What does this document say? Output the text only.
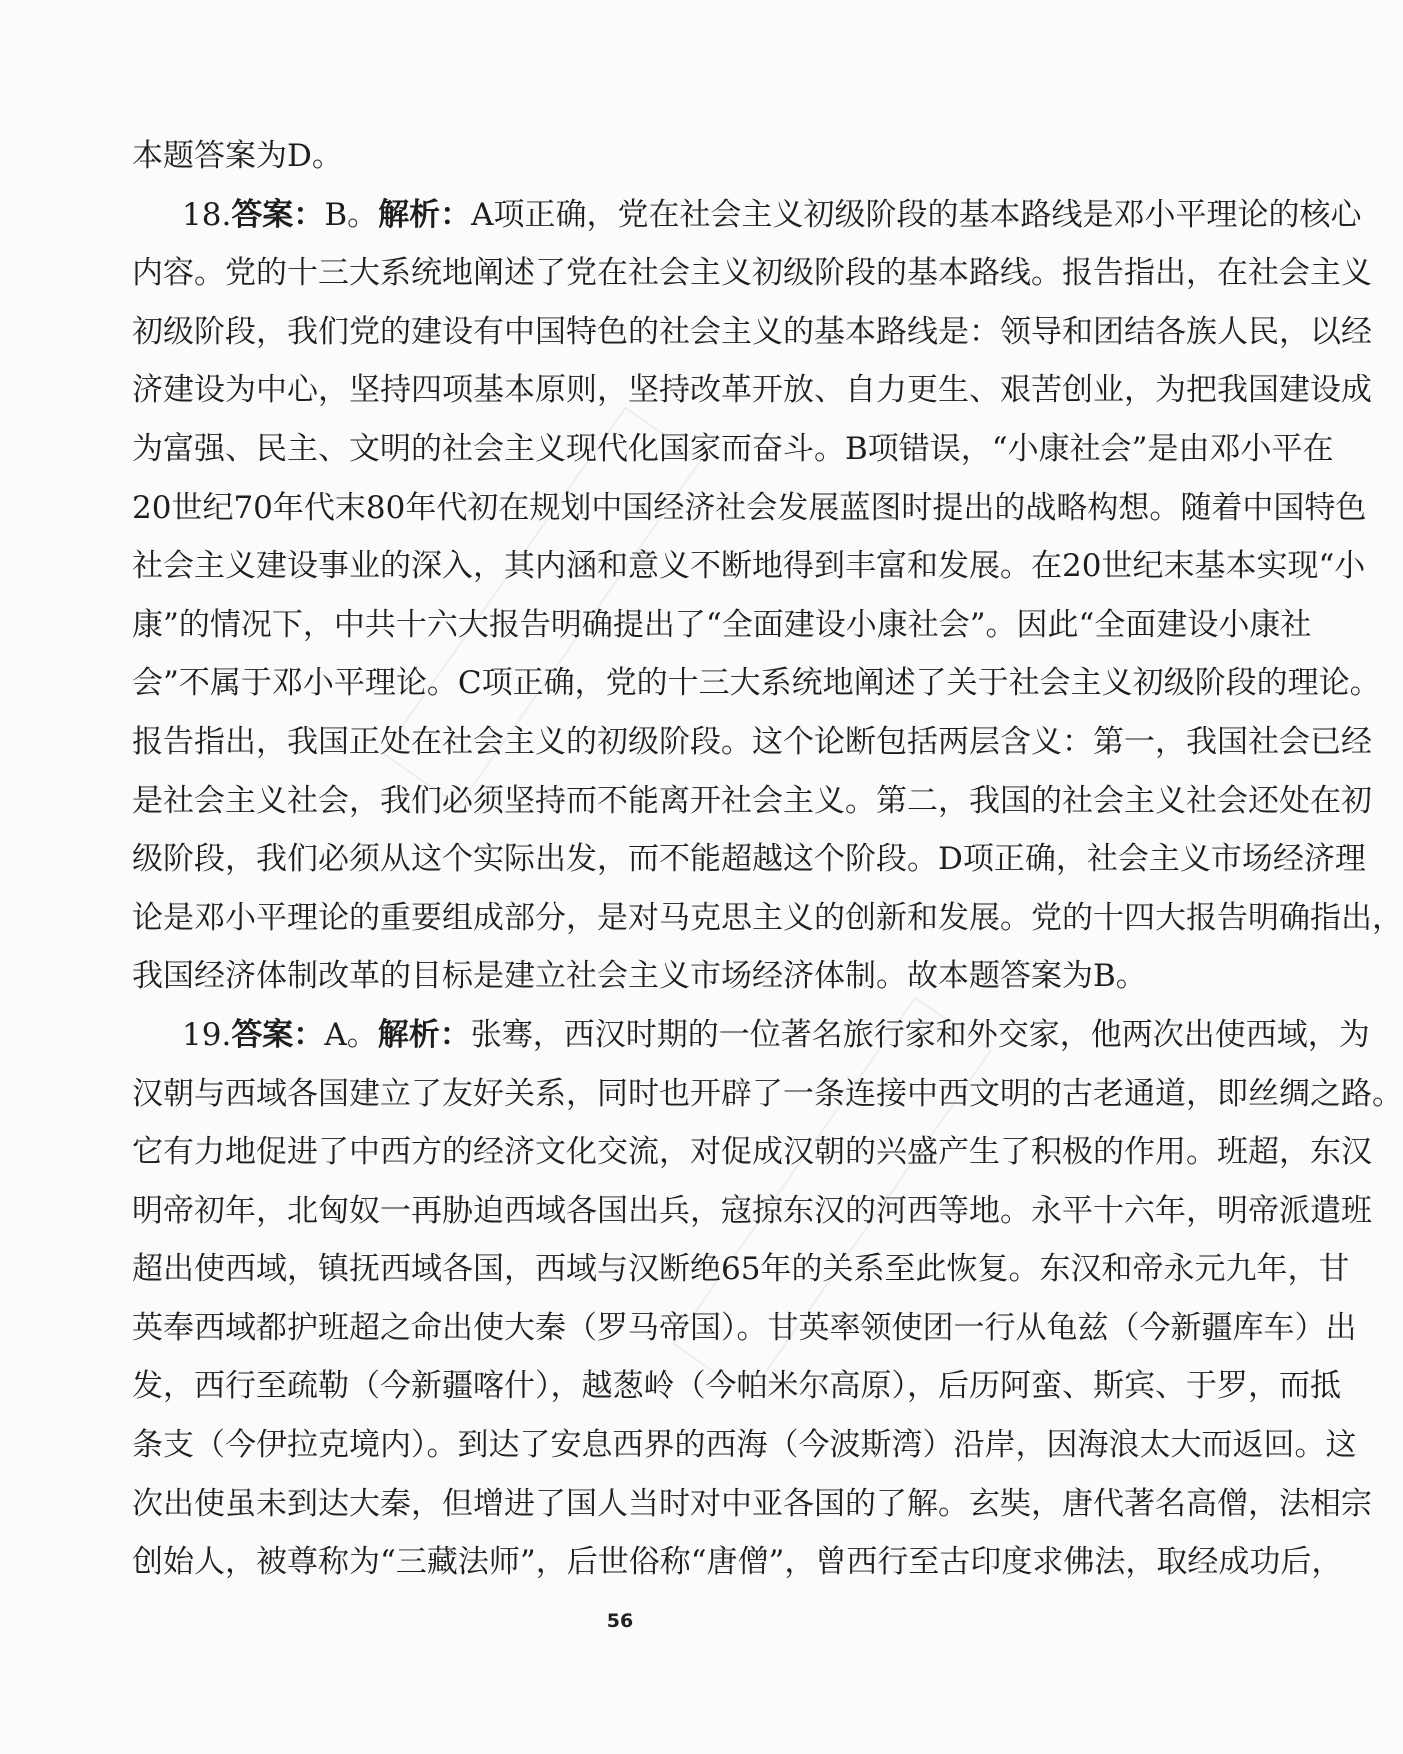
本题答案为D。
18.答案：B。解析：A项正确，党在社会主义初级阶段的基本路线是邓小平理论的核心
内容。党的十三大系统地阐述了党在社会主义初级阶段的基本路线。报告指出，在社会主义
初级阶段，我们党的建设有中国特色的社会主义的基本路线是：领导和团结各族人民，以经
济建设为中心，坚持四项基本原则，坚持改革开放、自力更生、艰苦创业，为把我国建设成
为富强、民主、文明的社会主义现代化国家而奋斗。B项错误，“小康社会”是由邓小平在
20世纪70年代末80年代初在规划中国经济社会发展蓝图时提出的战略构想。随着中国特色
社会主义建设事业的深入，其内涵和意义不断地得到丰富和发展。在20世纪末基本实现“小
康”的情况下，中共十六大报告明确提出了“全面建设小康社会”。因此“全面建设小康社
会”不属于邓小平理论。C项正确，党的十三大系统地阐述了关于社会主义初级阶段的理论。
报告指出，我国正处在社会主义的初级阶段。这个论断包括两层含义：第一，我国社会已经
是社会主义社会，我们必须坚持而不能离开社会主义。第二，我国的社会主义社会还处在初
级阶段，我们必须从这个实际出发，而不能超越这个阶段。D项正确，社会主义市场经济理
论是邓小平理论的重要组成部分，是对马克思主义的创新和发展。党的十四大报告明确指出，
我国经济体制改革的目标是建立社会主义市场经济体制。故本题答案为B。
19.答案：A。解析：张骞，西汉时期的一位著名旅行家和外交家，他两次出使西域，为
汉朝与西域各国建立了友好关系，同时也开辟了一条连接中西文明的古老通道，即丝绸之路。
它有力地促进了中西方的经济文化交流，对促成汉朝的兴盛产生了积极的作用。班超，东汉
明帝初年，北匈奴一再胁迫西域各国出兵，寇掠东汉的河西等地。永平十六年，明帝派遣班
超出使西域，镇抚西域各国，西域与汉断绝65年的关系至此恢复。东汉和帝永元九年，甘
英奉西域都护班超之命出使大秦（罗马帝国）。甘英率领使团一行从龟兹（今新疆库车）出
发，西行至疏勒（今新疆喀什），越葱岭（今帕米尔高原），后历阿蛮、斯宾、于罗，而抵
条支（今伊拉克境内）。到达了安息西界的西海（今波斯湾）沿岸，因海浪太大而返回。这
次出使虽未到达大秦，但增进了国人当时对中亚各国的了解。玄奘，唐代著名高僧，法相宗
创始人，被尊称为“三藏法师”，后世俗称“唐僧”，曾西行至古印度求佛法，取经成功后，
56
